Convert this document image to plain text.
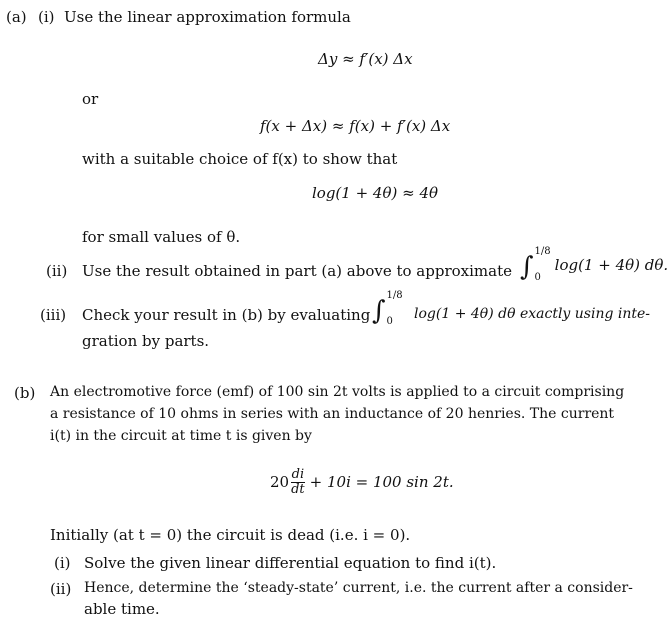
(a) (i) Use the linear approximation formula
Δy ≈ f′(x) Δx
or
f(x + Δx) ≈ f(x) + f′(x) Δx
with a suitable choice of f(x) to show that
log(1 + 4θ) ≈ 4θ
for small values of θ.
(ii) Use the result obtained in part (a) above to approximate ∫
1/8
0
log(1 + 4θ) dθ.
(iii) Check your result in (b) by evaluating ∫
1/8
0	log(1 + 4θ) dθ exactly using inte-
gration by parts.
(b) An electromotive force (emf) of 100 sin 2t volts is applied to a circuit comprising
a resistance of 10 ohms in series with an inductance of 20 henries. The current
i(t) in the circuit at time t is given by
$20 \frac{di}{dt} + 10i = 100$ sin 2t.
Initially (at t = 0) the circuit is dead (i.e. i = 0).
(i) Solve the given linear differential equation to find i(t).
(ii) Hence, determine the ‘steady-state’ current, i.e. the current after a consider-
able time.
